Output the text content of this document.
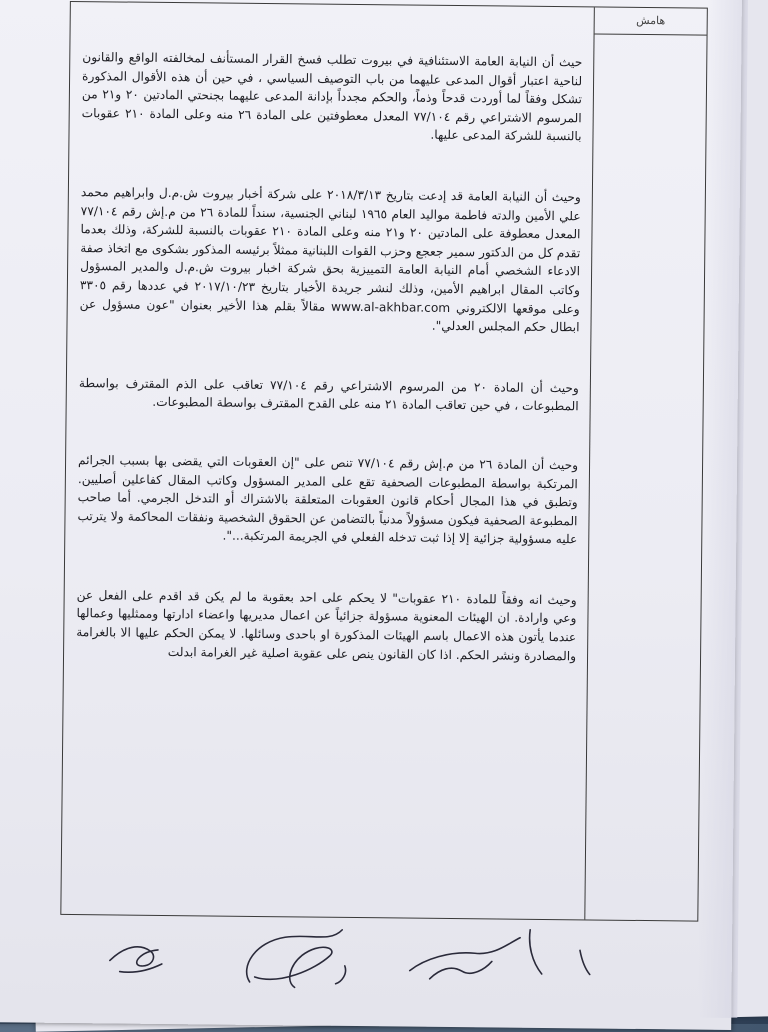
هامش

حيث أن النيابة العامة الاستئنافية في بيروت تطلب فسخ القرار المستأنف لمخالفته الواقع والقانون لناحية اعتبار أقوال المدعى عليهما من باب التوصيف السياسي ، في حين أن هذه الأقوال المذكورة تشكل وفقاً لما أوردت قدحاً وذماً، والحكم مجدداً بإدانة المدعى عليهما بجنحتي المادتين ٢٠ و٢١ من المرسوم الاشتراعي رقم ٧٧/١٠٤ المعدل معطوفتين على المادة ٢٦ منه وعلى المادة ٢١٠ عقوبات بالنسبة للشركة المدعى عليها.

وحيث أن النيابة العامة قد إدعت بتاريخ ٢٠١٨/٣/١٣ على شركة أخبار بيروت ش.م.ل وابراهيم محمد علي الأمين والدته فاطمة مواليد العام ١٩٦٥ لبناني الجنسية، سنداً للمادة ٢٦ من م.إش رقم ٧٧/١٠٤ المعدل معطوفة على المادتين ٢٠ و٢١ منه وعلى المادة ٢١٠ عقوبات بالنسبة للشركة، وذلك بعدما تقدم كل من الدكتور سمير جعجع وحزب القوات اللبنانية ممثلاً برئيسه المذكور بشكوى مع اتخاذ صفة الادعاء الشخصي أمام النيابة العامة التمييزية بحق شركة اخبار بيروت ش.م.ل والمدير المسؤول وكاتب المقال ابراهيم الأمين، وذلك لنشر جريدة الأخبار بتاريخ ٢٠١٧/١٠/٢٣ في عددها رقم ٣٣٠٥ وعلى موقعها الالكتروني www.al-akhbar.com مقالاً بقلم هذا الأخير بعنوان "عون مسؤول عن ابطال حكم المجلس العدلي".

وحيث أن المادة ٢٠ من المرسوم الاشتراعي رقم ٧٧/١٠٤ تعاقب على الذم المقترف بواسطة المطبوعات ، في حين تعاقب المادة ٢١ منه على القدح المقترف بواسطة المطبوعات.

وحيث أن المادة ٢٦ من م.إش رقم ٧٧/١٠٤ تنص على "إن العقوبات التي يقضى بها بسبب الجرائم المرتكبة بواسطة المطبوعات الصحفية تقع على المدير المسؤول وكاتب المقال كفاعلين أصليين. وتطبق في هذا المجال أحكام قانون العقوبات المتعلقة بالاشتراك أو التدخل الجرمي. أما صاحب المطبوعة الصحفية فيكون مسؤولاً مدنياً بالتضامن عن الحقوق الشخصية ونفقات المحاكمة ولا يترتب عليه مسؤولية جزائية إلا إذا ثبت تدخله الفعلي في الجريمة المرتكبة...".

وحيث انه وفقاً للمادة ٢١٠ عقوبات" لا يحكم على احد بعقوبة ما لم يكن قد اقدم على الفعل عن وعي وارادة. ان الهيئات المعنوية مسؤولة جزائياً عن اعمال مديريها واعضاء ادارتها وممثليها وعمالها عندما يأتون هذه الاعمال باسم الهيئات المذكورة او باحدى وسائلها. لا يمكن الحكم عليها الا بالغرامة والمصادرة ونشر الحكم. اذا كان القانون ينص على عقوبة اصلية غير الغرامة ابدلت
